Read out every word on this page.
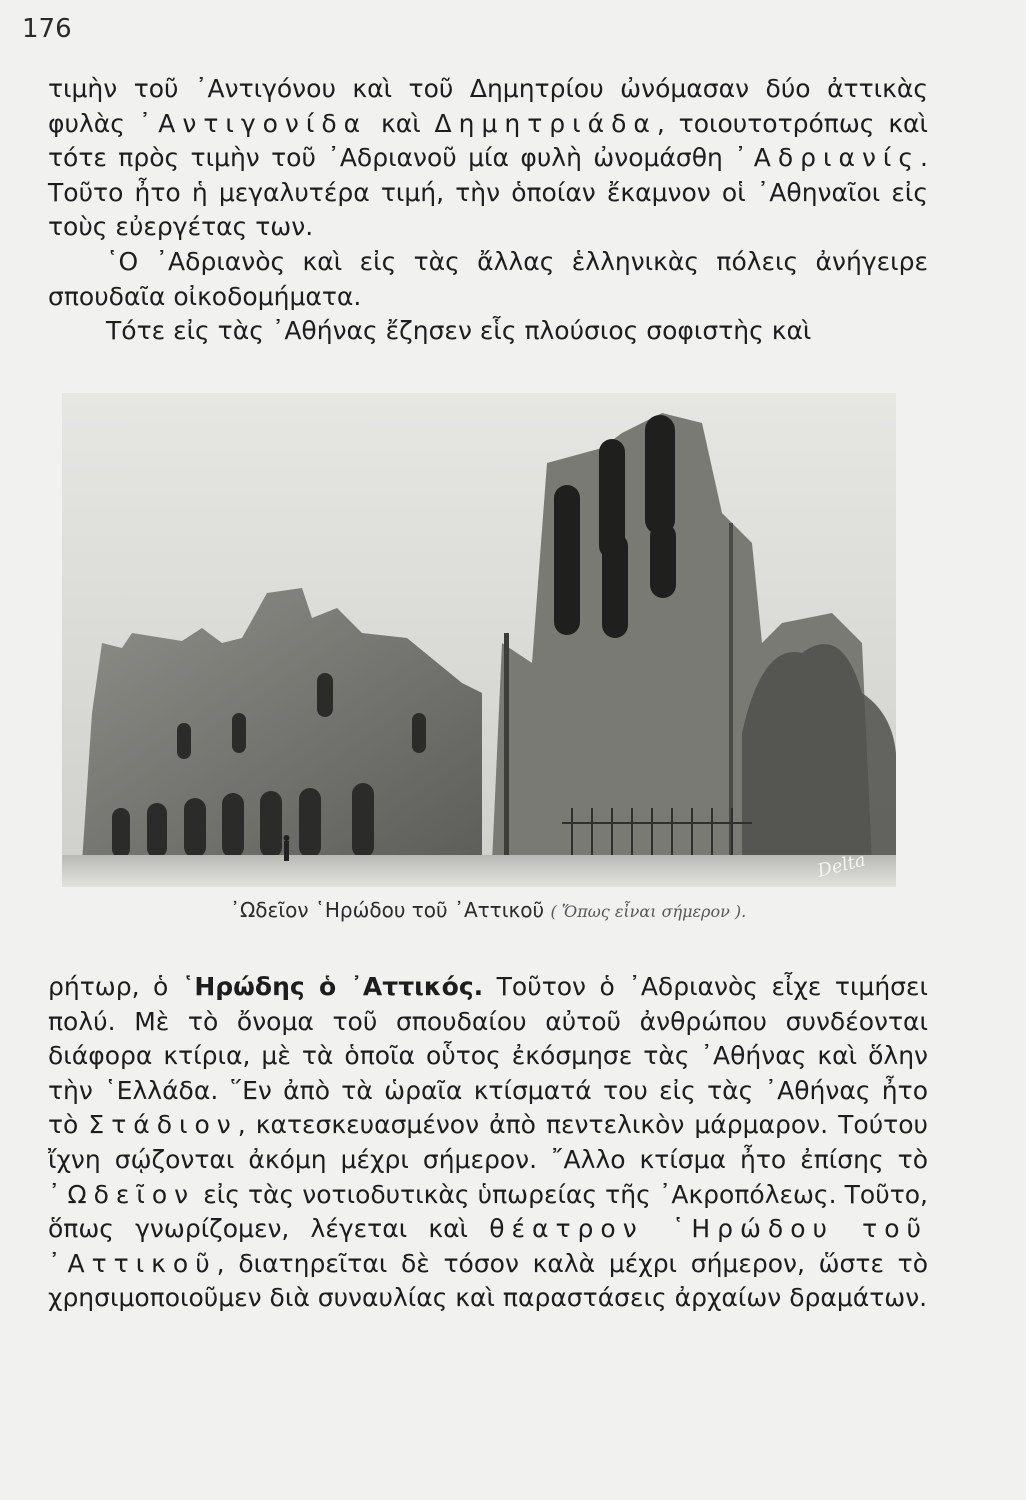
176

τιμὴν τοῦ ᾿Αντιγόνου καὶ τοῦ Δημητρίου ὠνόμασαν δύο ἀττικὰς φυλὰς ᾿Αντιγονίδα καὶ Δημητριάδα, τοιουτοτρόπως καὶ τότε πρὸς τιμὴν τοῦ ᾿Αδριανοῦ μία φυλὴ ὠνομάσθη ᾿Αδριανίς. Τοῦτο ἦτο ἡ μεγαλυτέρα τιμή, τὴν ὁποίαν ἔκαμνον οἱ ᾿Αθηναῖοι εἰς τοὺς εὐεργέτας των.

῾Ο ᾿Αδριανὸς καὶ εἰς τὰς ἄλλας ἑλληνικὰς πόλεις ἀνήγειρε σπουδαῖα οἰκοδομήματα.

Τότε εἰς τὰς ᾿Αθήνας ἔζησεν εἷς πλούσιος σοφιστὴς καὶ

Delta
᾿Ωδεῖον ῾Ηρώδου τοῦ ᾿Αττικοῦ ( Ὅπως εἶναι σήμερον ).

ρήτωρ, ὁ ῾Ηρώδης ὁ ᾿Αττικός. Τοῦτον ὁ ᾿Αδριανὸς εἶχε τιμήσει πολύ. Μὲ τὸ ὄνομα τοῦ σπουδαίου αὐτοῦ ἀνθρώπου συνδέονται διάφορα κτίρια, μὲ τὰ ὁποῖα οὗτος ἐκόσμησε τὰς ᾿Αθήνας καὶ ὅλην τὴν ῾Ελλάδα. ῞Εν ἀπὸ τὰ ὡραῖα κτίσματά του εἰς τὰς ᾿Αθήνας ἦτο τὸ Στάδιον, κατεσκευασμένον ἀπὸ πεντελικὸν μάρμαρον. Τούτου ἴχνη σῴζονται ἀκόμη μέχρι σήμερον. ῎Αλλο κτίσμα ἦτο ἐπίσης τὸ ᾿Ωδεῖον εἰς τὰς νοτιοδυτικὰς ὑπωρείας τῆς ᾿Ακροπόλεως. Τοῦτο, ὅπως γνωρίζομεν, λέγεται καὶ θέατρον ῾Ηρώδου τοῦ ᾿Αττικοῦ, διατηρεῖται δὲ τόσον καλὰ μέχρι σήμερον, ὥστε τὸ χρησιμοποιοῦμεν διὰ συναυλίας καὶ παραστάσεις ἀρχαίων δραμάτων.
